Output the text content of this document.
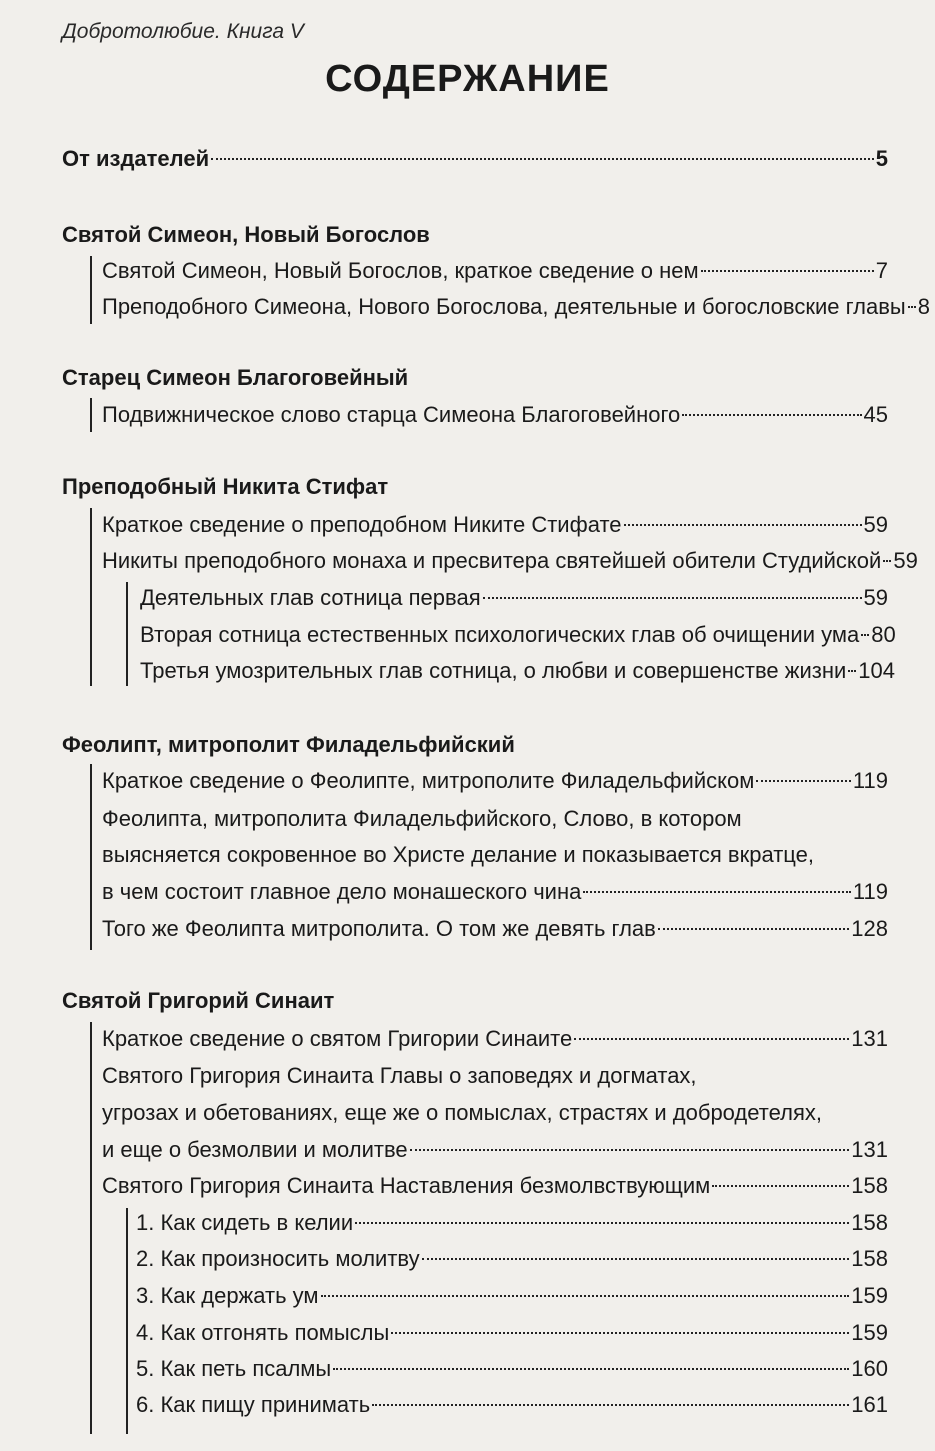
Добротолюбие. Книга V
СОДЕРЖАНИЕ
От издателей	5
Святой Симеон, Новый Богослов
Святой Симеон, Новый Богослов, краткое сведение о нем	7
Преподобного Симеона, Нового Богослова, деятельные и богословские главы 8
Старец Симеон Благоговейный
Подвижническое слово старца Симеона Благоговейного	45
Преподобный Никита Стифат
Краткое сведение о преподобном Никите Стифате	59
Никиты преподобного монаха и пресвитера святейшей обители Студийской 59
Деятельных глав сотница первая	59
Вторая сотница естественных психологических глав об очищении ума 80
Третья умозрительных глав сотница, о любви и совершенстве жизни 104
Феолипт, митрополит Филадельфийский
Краткое сведение о Феолипте, митрополите Филадельфийском	119
Феолипта, митрополита Филадельфийского, Слово, в котором
выясняется сокровенное во Христе делание и показывается вкратце,
в чем состоит главное дело монашеского чина	119
Того же Феолипта митрополита. О том же девять глав	128
Святой Григорий Синаит
Краткое сведение о святом Григории Синаите	131
Святого Григория Синаита Главы о заповедях и догматах,
угрозах и обетованиях, еще же о помыслах, страстях и добродетелях,
и еще о безмолвии и молитве	131
Святого Григория Синаита Наставления безмолвствующим	158
1. Как сидеть в келии	158
2. Как произносить молитву	158
3. Как держать ум	159
4. Как отгонять помыслы	159
5. Как петь псалмы	160
6. Как пищу принимать	161
